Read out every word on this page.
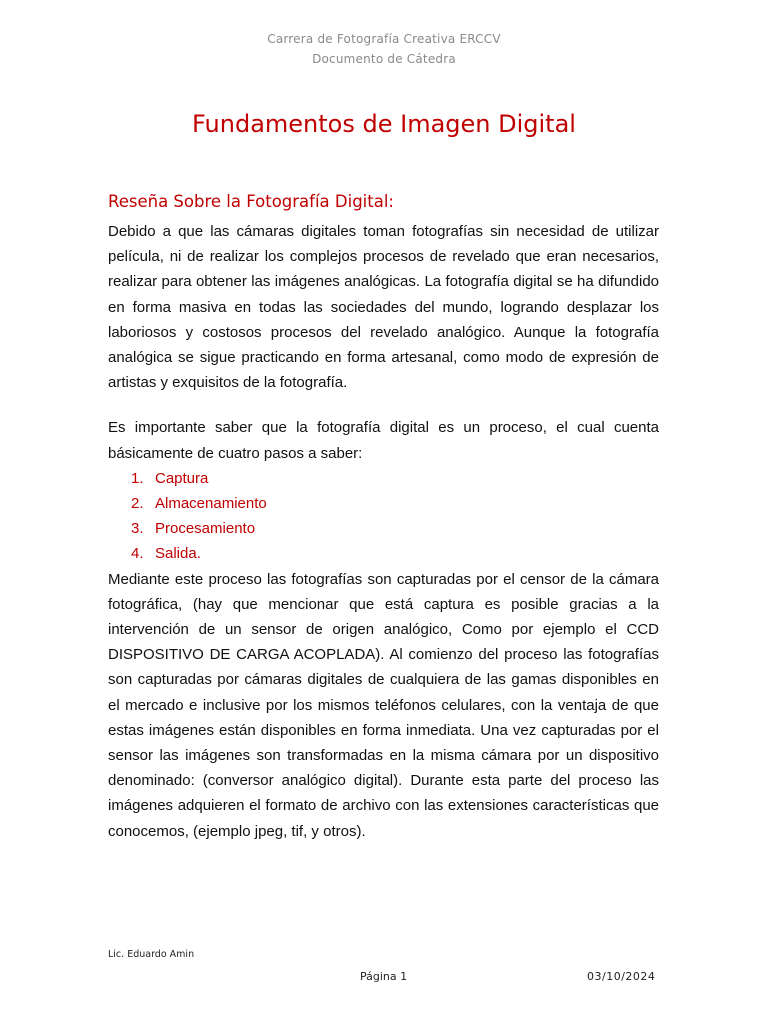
Carrera de Fotografía Creativa ERCCV
Documento de Cátedra
Fundamentos de Imagen Digital
Reseña Sobre la Fotografía Digital:

Debido a que las cámaras digitales toman fotografías sin necesidad de utilizar película, ni de realizar los complejos procesos de revelado que eran necesarios, realizar para obtener las imágenes analógicas. La fotografía digital se ha difundido en forma masiva en todas las sociedades del mundo, logrando desplazar los laboriosos y costosos procesos del revelado analógico. Aunque la fotografía analógica se sigue practicando en forma artesanal, como modo de expresión de artistas y exquisitos de la fotografía.

Es importante saber que la fotografía digital es un proceso, el cual cuenta básicamente de cuatro pasos a saber:

1. Captura
2. Almacenamiento
3. Procesamiento
4. Salida.

Mediante este proceso las fotografías son capturadas por el censor de la cámara fotográfica, (hay que mencionar que está captura es posible gracias a la intervención de un sensor de origen analógico, Como por ejemplo el CCD DISPOSITIVO DE CARGA ACOPLADA). Al comienzo del proceso las fotografías son capturadas por cámaras digitales de cualquiera de las gamas disponibles en el mercado e inclusive por los mismos teléfonos celulares, con la ventaja de que estas imágenes están disponibles en forma inmediata. Una vez capturadas por el sensor las imágenes son transformadas en la misma cámara por un dispositivo denominado: (conversor analógico digital). Durante esta parte del proceso las imágenes adquieren el formato de archivo con las extensiones características que conocemos, (ejemplo jpeg, tif, y otros).

Lic. Eduardo Amin
Página 1	03/10/2024
